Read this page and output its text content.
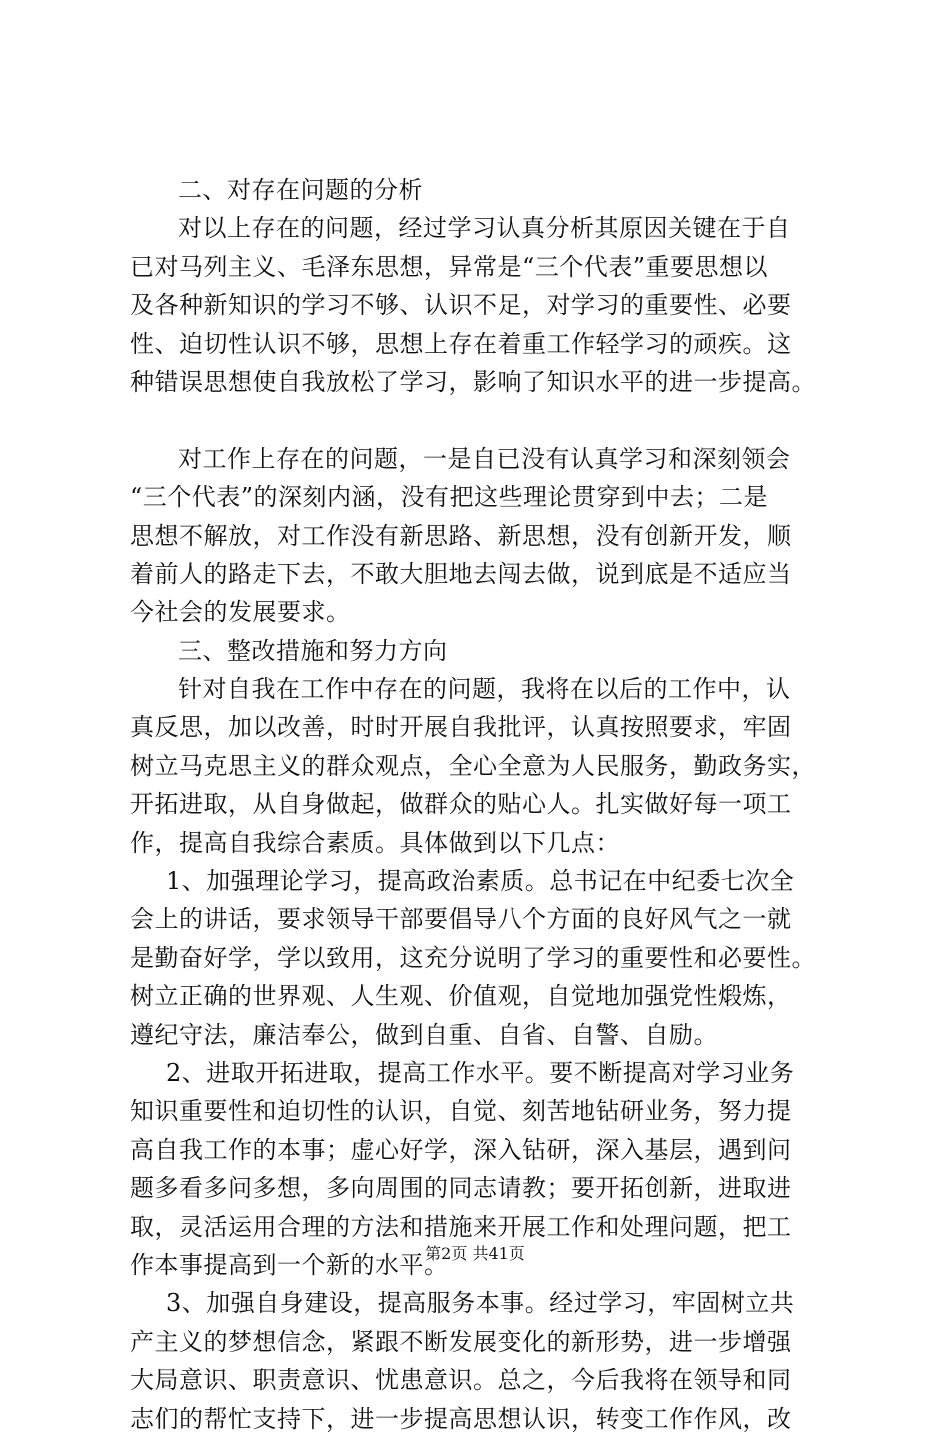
二、对存在问题的分析
对以上存在的问题，经过学习认真分析其原因关键在于自
已对马列主义、毛泽东思想，异常是“三个代表”重要思想以
及各种新知识的学习不够、认识不足，对学习的重要性、必要
性、迫切性认识不够，思想上存在着重工作轻学习的顽疾。这
种错误思想使自我放松了学习，影响了知识水平的进一步提高。
对工作上存在的问题，一是自已没有认真学习和深刻领会
“三个代表”的深刻内涵，没有把这些理论贯穿到中去；二是
思想不解放，对工作没有新思路、新思想，没有创新开发，顺
着前人的路走下去，不敢大胆地去闯去做，说到底是不适应当
今社会的发展要求。
三、整改措施和努力方向
针对自我在工作中存在的问题，我将在以后的工作中，认
真反思，加以改善，时时开展自我批评，认真按照要求，牢固
树立马克思主义的群众观点，全心全意为人民服务，勤政务实，
开拓进取，从自身做起，做群众的贴心人。扎实做好每一项工
作，提高自我综合素质。具体做到以下几点：
1、加强理论学习，提高政治素质。总书记在中纪委七次全
会上的讲话，要求领导干部要倡导八个方面的良好风气之一就
是勤奋好学，学以致用，这充分说明了学习的重要性和必要性。
树立正确的世界观、人生观、价值观，自觉地加强党性煅炼，
遵纪守法，廉洁奉公，做到自重、自省、自警、自励。
2、进取开拓进取，提高工作水平。要不断提高对学习业务
知识重要性和迫切性的认识，自觉、刻苦地钻研业务，努力提
高自我工作的本事；虚心好学，深入钻研，深入基层，遇到问
题多看多问多想，多向周围的同志请教；要开拓创新，进取进
取，灵活运用合理的方法和措施来开展工作和处理问题，把工
作本事提高到一个新的水平。
3、加强自身建设，提高服务本事。经过学习，牢固树立共
产主义的梦想信念，紧跟不断发展变化的新形势，进一步增强
大局意识、职责意识、忧患意识。总之，今后我将在领导和同
志们的帮忙支持下，进一步提高思想认识，转变工作作风，改
第2页 共41页
